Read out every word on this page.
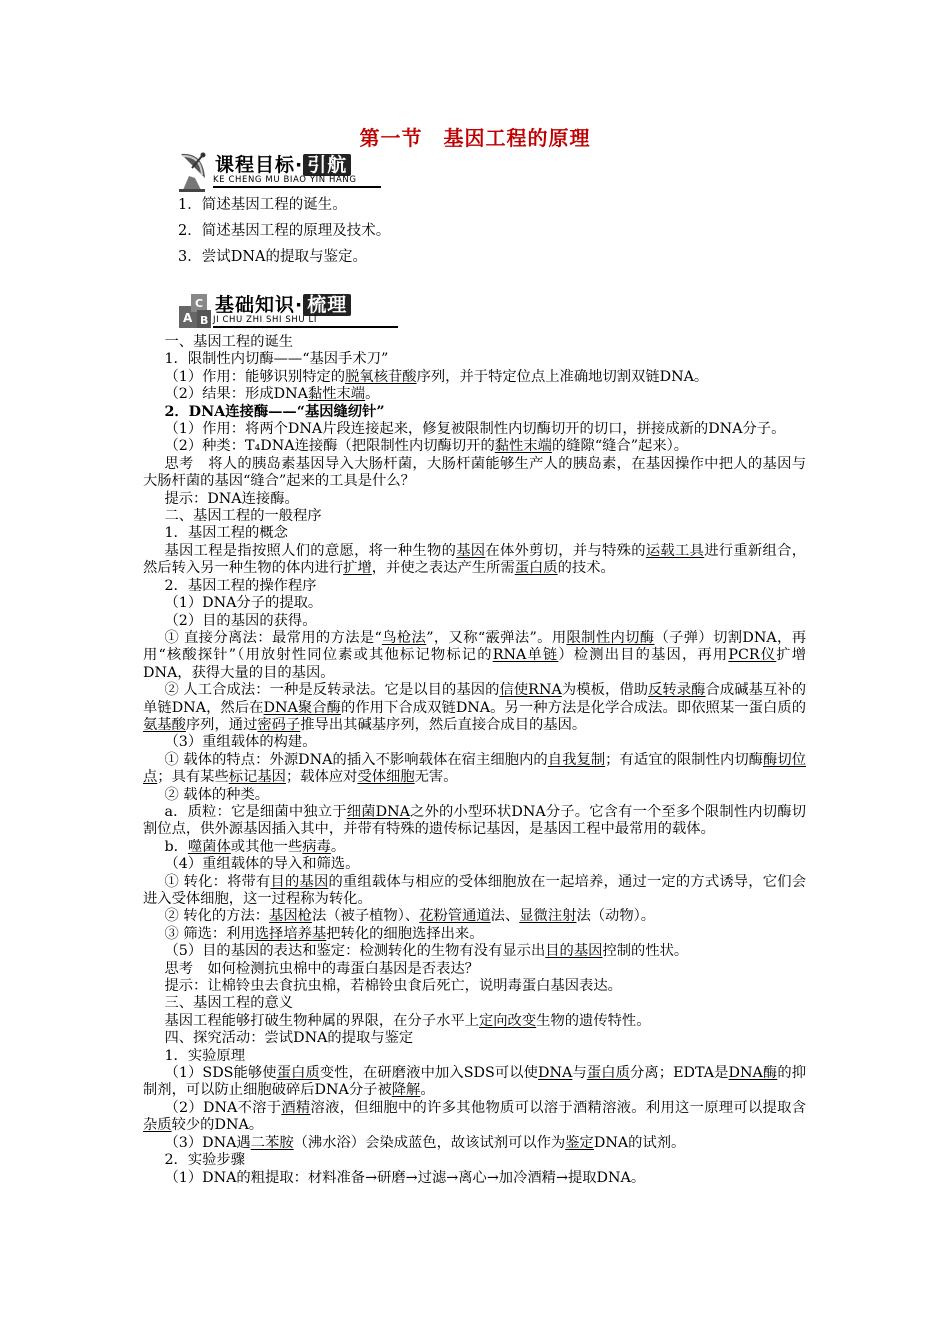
第一节　基因工程的原理
课程目标· 引航
KE CHENG MU BIAO YIN HANG
1．简述基因工程的诞生。
2．简述基因工程的原理及技术。
3．尝试DNA的提取与鉴定。
A B
C 基础知识· 梳理
JI CHU ZHI SHI SHU LI

一、基因工程的诞生

1．限制性内切酶——“基因手术刀”

（1）作用：能够识别特定的脱氧核苷酸序列，并于特定位点上准确地切割双链DNA。

（2）结果：形成DNA黏性末端。

2．DNA连接酶——“基因缝纫针”

（1）作用：将两个DNA片段连接起来，修复被限制性内切酶切开的切口，拼接成新的DNA分子。

（2）种类：T₄DNA连接酶（把限制性内切酶切开的黏性末端的缝隙“缝合”起来）。

思考　将人的胰岛素基因导入大肠杆菌，大肠杆菌能够生产人的胰岛素，在基因操作中把人的基因与大肠杆菌的基因“缝合”起来的工具是什么？

提示：DNA连接酶。

二、基因工程的一般程序

1．基因工程的概念

基因工程是指按照人们的意愿，将一种生物的基因在体外剪切，并与特殊的运载工具进行重新组合，然后转入另一种生物的体内进行扩增，并使之表达产生所需蛋白质的技术。

2．基因工程的操作程序

（1）DNA分子的提取。

（2）目的基因的获得。

① 直接分离法：最常用的方法是“鸟枪法”，又称“霰弹法”。用限制性内切酶（子弹）切割DNA，再用“核酸探针”（用放射性同位素或其他标记物标记的RNA单链）检测出目的基因，再用PCR仪扩增DNA，获得大量的目的基因。

② 人工合成法：一种是反转录法。它是以目的基因的信使RNA为模板，借助反转录酶合成碱基互补的单链DNA，然后在DNA聚合酶的作用下合成双链DNA。另一种方法是化学合成法。即依照某一蛋白质的氨基酸序列，通过密码子推导出其碱基序列，然后直接合成目的基因。

（3）重组载体的构建。

① 载体的特点：外源DNA的插入不影响载体在宿主细胞内的自我复制；有适宜的限制性内切酶酶切位点；具有某些标记基因；载体应对受体细胞无害。

② 载体的种类。

a．质粒：它是细菌中独立于细菌DNA之外的小型环状DNA分子。它含有一个至多个限制性内切酶切割位点，供外源基因插入其中，并带有特殊的遗传标记基因，是基因工程中最常用的载体。

b．噬菌体或其他一些病毒。

（4）重组载体的导入和筛选。

① 转化：将带有目的基因的重组载体与相应的受体细胞放在一起培养，通过一定的方式诱导，它们会进入受体细胞，这一过程称为转化。

② 转化的方法：基因枪法（被子植物）、花粉管通道法、显微注射法（动物）。

③ 筛选：利用选择培养基把转化的细胞选择出来。

（5）目的基因的表达和鉴定：检测转化的生物有没有显示出目的基因控制的性状。

思考　如何检测抗虫棉中的毒蛋白基因是否表达？

提示：让棉铃虫去食抗虫棉，若棉铃虫食后死亡，说明毒蛋白基因表达。

三、基因工程的意义

基因工程能够打破生物种属的界限，在分子水平上定向改变生物的遗传特性。

四、探究活动：尝试DNA的提取与鉴定

1．实验原理

（1）SDS能够使蛋白质变性，在研磨液中加入SDS可以使DNA与蛋白质分离；EDTA是DNA酶的抑制剂，可以防止细胞破碎后DNA分子被降解。

（2）DNA不溶于酒精溶液，但细胞中的许多其他物质可以溶于酒精溶液。利用这一原理可以提取含杂质较少的DNA。

（3）DNA遇二苯胺（沸水浴）会染成蓝色，故该试剂可以作为鉴定DNA的试剂。

2．实验步骤

（1）DNA的粗提取：材料准备→研磨→过滤→离心→加冷酒精→提取DNA。
